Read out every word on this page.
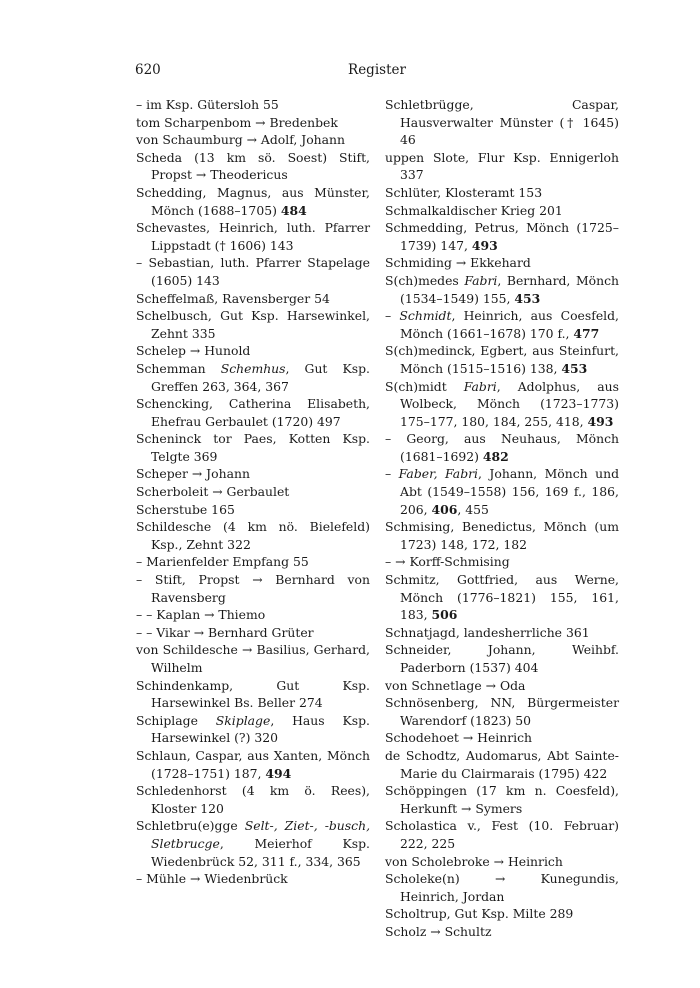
620	Register

– im Ksp. Gütersloh 55

tom Scharpenbom → Bredenbek

von Schaumburg → Adolf, Johann

Scheda (13 km sö. Soest) Stift, Propst → Theodericus

Schedding, Magnus, aus Münster, Mönch (1688–1705) 484

Schevastes, Heinrich, luth. Pfarrer Lippstadt († 1606) 143

– Sebastian, luth. Pfarrer Stapelage (1605) 143

Scheffelmaß, Ravensberger 54

Schelbusch, Gut Ksp. Harsewinkel, Zehnt 335

Schelep → Hunold

Schemman Schemhus, Gut Ksp. Greffen 263, 364, 367

Schencking, Catherina Elisabeth, Ehefrau Gerbaulet (1720) 497

Scheninck tor Paes, Kotten Ksp. Telgte 369

Scheper → Johann

Scherboleit → Gerbaulet

Scherstube 165

Schildesche (4 km nö. Bielefeld) Ksp., Zehnt 322

– Marienfelder Empfang 55

– Stift, Propst → Bernhard von Ravensberg

– – Kaplan → Thiemo

– – Vikar → Bernhard Grüter

von Schildesche → Basilius, Gerhard, Wilhelm

Schindenkamp, Gut Ksp. Harsewinkel Bs. Beller 274

Schiplage Skiplage, Haus Ksp. Harsewinkel (?) 320

Schlaun, Caspar, aus Xanten, Mönch (1728–1751) 187, 494

Schledenhorst (4 km ö. Rees), Kloster 120

Schletbru(e)gge Selt-, Ziet-, -busch, Sletbrucge, Meierhof Ksp. Wiedenbrück 52, 311 f., 334, 365

– Mühle → Wiedenbrück

Schletbrügge, Caspar, Hausverwalter Münster († 1645) 46

uppen Slote, Flur Ksp. Ennigerloh 337

Schlüter, Klosteramt 153

Schmalkaldischer Krieg 201

Schmedding, Petrus, Mönch (1725–1739) 147, 493

Schmiding → Ekkehard

S(ch)medes Fabri, Bernhard, Mönch (1534–1549) 155, 453

– Schmidt, Heinrich, aus Coesfeld, Mönch (1661–1678) 170 f., 477

S(ch)medinck, Egbert, aus Steinfurt, Mönch (1515–1516) 138, 453

S(ch)midt Fabri, Adolphus, aus Wolbeck, Mönch (1723–1773) 175–177, 180, 184, 255, 418, 493

– Georg, aus Neuhaus, Mönch (1681–1692) 482

– Faber, Fabri, Johann, Mönch und Abt (1549–1558) 156, 169 f., 186, 206, 406, 455

Schmising, Benedictus, Mönch (um 1723) 148, 172, 182

– → Korff-Schmising

Schmitz, Gottfried, aus Werne, Mönch (1776–1821) 155, 161, 183, 506

Schnatjagd, landesherrliche 361

Schneider, Johann, Weihbf. Paderborn (1537) 404

von Schnetlage → Oda

Schnösenberg, NN, Bürgermeister Warendorf (1823) 50

Schodehoet → Heinrich

de Schodtz, Audomarus, Abt Sainte-Marie du Clairmarais (1795) 422

Schöppingen (17 km n. Coesfeld), Herkunft → Symers

Scholastica v., Fest (10. Februar) 222, 225

von Scholebroke → Heinrich

Scholeke(n) → Kunegundis, Heinrich, Jordan

Scholtrup, Gut Ksp. Milte 289

Scholz → Schultz
